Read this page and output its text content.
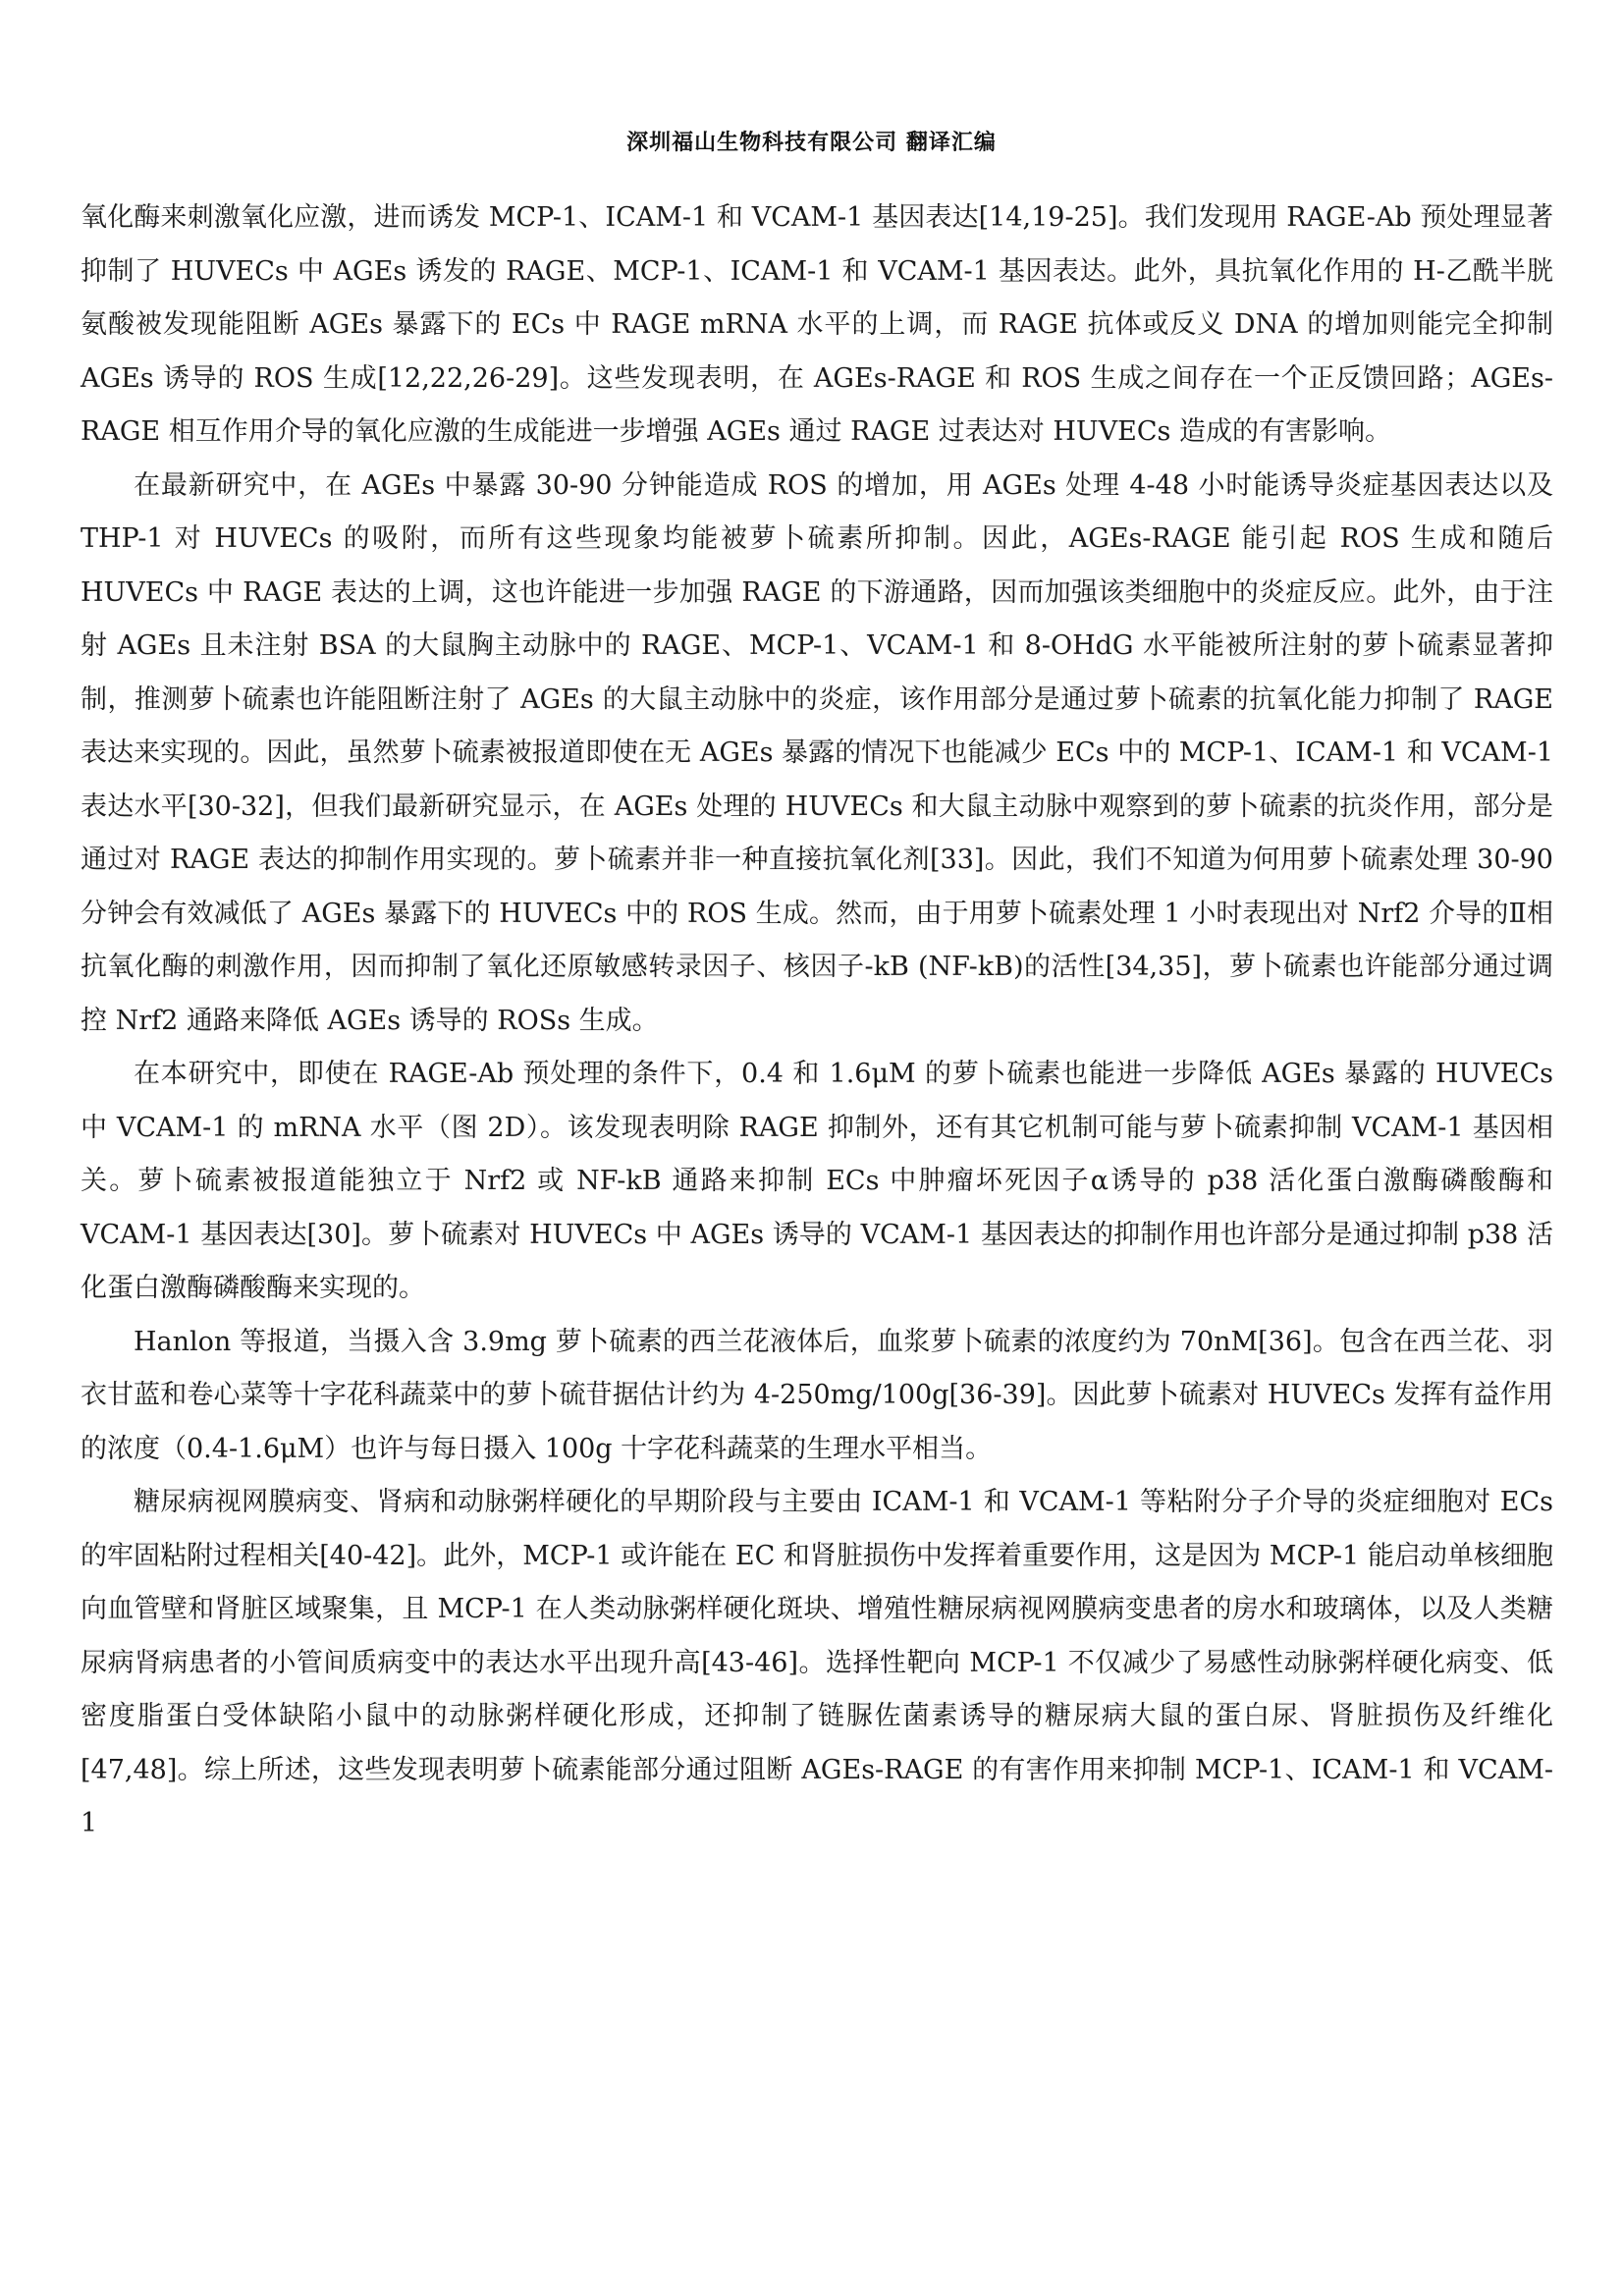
深圳福山生物科技有限公司 翻译汇编

氧化酶来刺激氧化应激，进而诱发 MCP-1、ICAM-1 和 VCAM-1 基因表达[14,19-25]。我们发现用 RAGE-Ab 预处理显著抑制了 HUVECs 中 AGEs 诱发的 RAGE、MCP-1、ICAM-1 和 VCAM-1 基因表达。此外，具抗氧化作用的 H-乙酰半胱氨酸被发现能阻断 AGEs 暴露下的 ECs 中 RAGE mRNA 水平的上调，而 RAGE 抗体或反义 DNA 的增加则能完全抑制 AGEs 诱导的 ROS 生成[12,22,26-29]。这些发现表明，在 AGEs-RAGE 和 ROS 生成之间存在一个正反馈回路；AGEs-RAGE 相互作用介导的氧化应激的生成能进一步增强 AGEs 通过 RAGE 过表达对 HUVECs 造成的有害影响。

在最新研究中，在 AGEs 中暴露 30-90 分钟能造成 ROS 的增加，用 AGEs 处理 4-48 小时能诱导炎症基因表达以及 THP-1 对 HUVECs 的吸附，而所有这些现象均能被萝卜硫素所抑制。因此，AGEs-RAGE 能引起 ROS 生成和随后 HUVECs 中 RAGE 表达的上调，这也许能进一步加强 RAGE 的下游通路，因而加强该类细胞中的炎症反应。此外，由于注射 AGEs 且未注射 BSA 的大鼠胸主动脉中的 RAGE、MCP-1、VCAM-1 和 8-OHdG 水平能被所注射的萝卜硫素显著抑制，推测萝卜硫素也许能阻断注射了 AGEs 的大鼠主动脉中的炎症，该作用部分是通过萝卜硫素的抗氧化能力抑制了 RAGE 表达来实现的。因此，虽然萝卜硫素被报道即使在无 AGEs 暴露的情况下也能减少 ECs 中的 MCP-1、ICAM-1 和 VCAM-1 表达水平[30-32]，但我们最新研究显示，在 AGEs 处理的 HUVECs 和大鼠主动脉中观察到的萝卜硫素的抗炎作用，部分是通过对 RAGE 表达的抑制作用实现的。萝卜硫素并非一种直接抗氧化剂[33]。因此，我们不知道为何用萝卜硫素处理 30-90 分钟会有效减低了 AGEs 暴露下的 HUVECs 中的 ROS 生成。然而，由于用萝卜硫素处理 1 小时表现出对 Nrf2 介导的Ⅱ相抗氧化酶的刺激作用，因而抑制了氧化还原敏感转录因子、核因子-kB (NF-kB)的活性[34,35]，萝卜硫素也许能部分通过调控 Nrf2 通路来降低 AGEs 诱导的 ROSs 生成。

在本研究中，即使在 RAGE-Ab 预处理的条件下，0.4 和 1.6μM 的萝卜硫素也能进一步降低 AGEs 暴露的 HUVECs 中 VCAM-1 的 mRNA 水平（图 2D）。该发现表明除 RAGE 抑制外，还有其它机制可能与萝卜硫素抑制 VCAM-1 基因相关。萝卜硫素被报道能独立于 Nrf2 或 NF-kB 通路来抑制 ECs 中肿瘤坏死因子α诱导的 p38 活化蛋白激酶磷酸酶和 VCAM-1 基因表达[30]。萝卜硫素对 HUVECs 中 AGEs 诱导的 VCAM-1 基因表达的抑制作用也许部分是通过抑制 p38 活化蛋白激酶磷酸酶来实现的。

Hanlon 等报道，当摄入含 3.9mg 萝卜硫素的西兰花液体后，血浆萝卜硫素的浓度约为 70nM[36]。包含在西兰花、羽衣甘蓝和卷心菜等十字花科蔬菜中的萝卜硫苷据估计约为 4-250mg/100g[36-39]。因此萝卜硫素对 HUVECs 发挥有益作用的浓度（0.4-1.6μM）也许与每日摄入 100g 十字花科蔬菜的生理水平相当。

糖尿病视网膜病变、肾病和动脉粥样硬化的早期阶段与主要由 ICAM-1 和 VCAM-1 等粘附分子介导的炎症细胞对 ECs 的牢固粘附过程相关[40-42]。此外，MCP-1 或许能在 EC 和肾脏损伤中发挥着重要作用，这是因为 MCP-1 能启动单核细胞向血管壁和肾脏区域聚集，且 MCP-1 在人类动脉粥样硬化斑块、增殖性糖尿病视网膜病变患者的房水和玻璃体，以及人类糖尿病肾病患者的小管间质病变中的表达水平出现升高[43-46]。选择性靶向 MCP-1 不仅减少了易感性动脉粥样硬化病变、低密度脂蛋白受体缺陷小鼠中的动脉粥样硬化形成，还抑制了链脲佐菌素诱导的糖尿病大鼠的蛋白尿、肾脏损伤及纤维化[47,48]。综上所述，这些发现表明萝卜硫素能部分通过阻断 AGEs-RAGE 的有害作用来抑制 MCP-1、ICAM-1 和 VCAM-1
